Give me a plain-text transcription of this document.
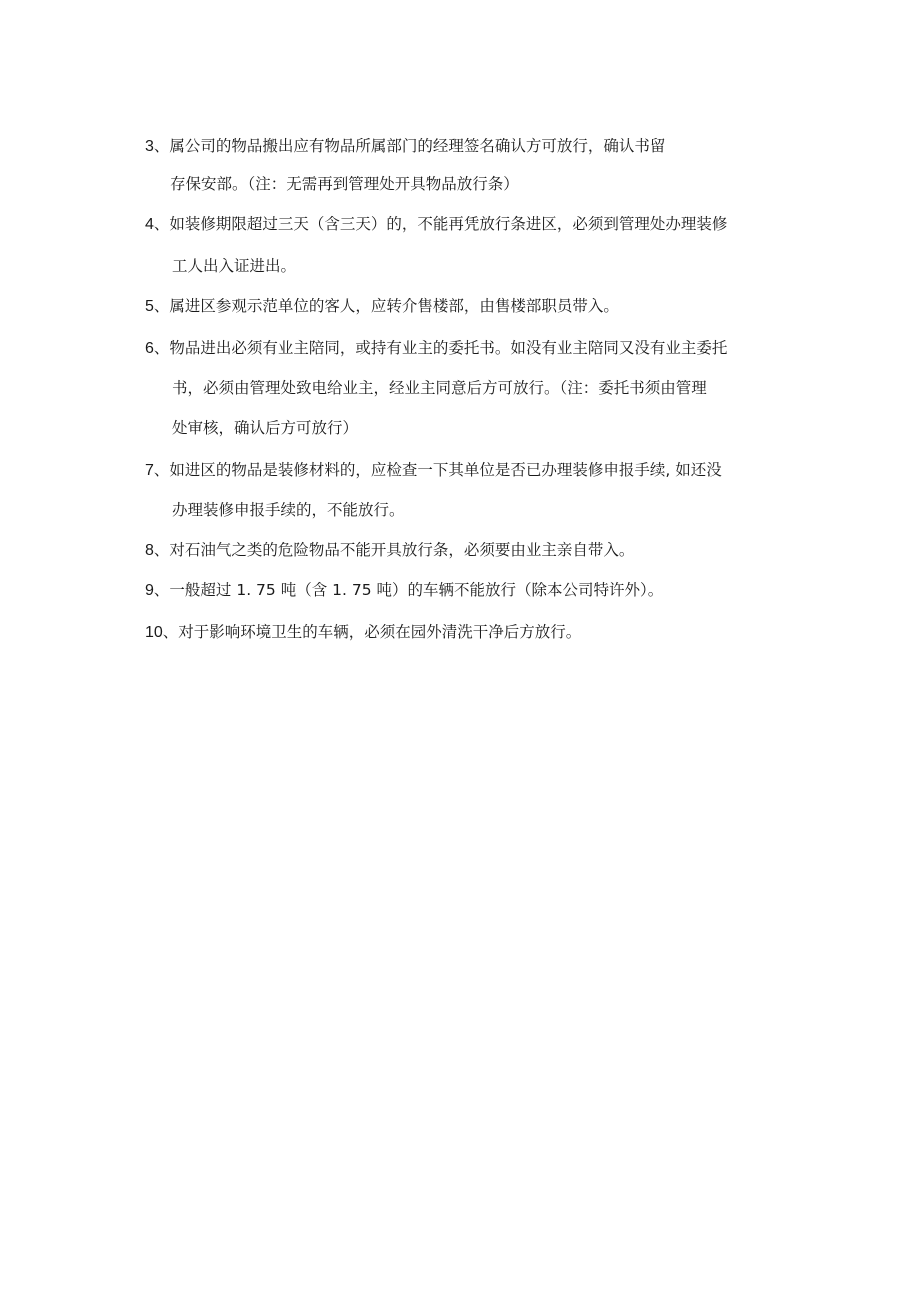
3、属公司的物品搬出应有物品所属部门的经理签名确认方可放行，确认书留
存保安部。（注：无需再到管理处开具物品放行条）
4、如装修期限超过三天（含三天）的，不能再凭放行条进区，必须到管理处办理装修
工人出入证进出。
5、属进区参观示范单位的客人，应转介售楼部，由售楼部职员带入。
6、物品进出必须有业主陪同，或持有业主的委托书。如没有业主陪同又没有业主委托
书，必须由管理处致电给业主，经业主同意后方可放行。（注：委托书须由管理
处审核，确认后方可放行）
7、如进区的物品是装修材料的，应检查一下其单位是否已办理装修申报手续, 如还没
办理装修申报手续的，不能放行。
8、对石油气之类的危险物品不能开具放行条，必须要由业主亲自带入。
9、一般超过 1. 75 吨（含 1. 75 吨）的车辆不能放行（除本公司特许外）。
10、对于影响环境卫生的车辆，必须在园外清洗干净后方放行。
